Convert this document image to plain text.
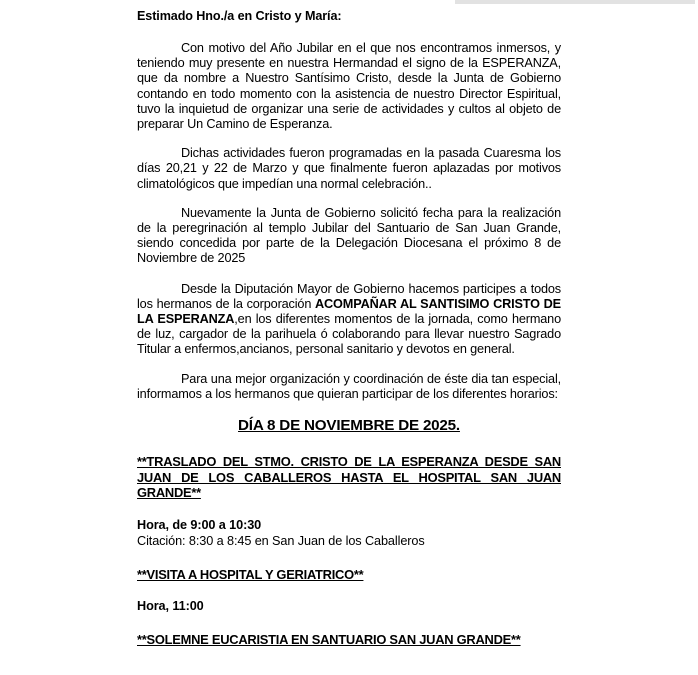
Estimado Hno./a en Cristo y María:

Con motivo del Año Jubilar en el que nos encontramos inmersos, y teniendo muy presente en nuestra Hermandad el signo de la ESPERANZA, que da nombre a Nuestro Santísimo Cristo, desde la Junta de Gobierno contando en todo momento con la asistencia de nuestro Director Espiritual, tuvo la inquietud de organizar una serie de actividades y cultos al objeto de preparar Un Camino de Esperanza.

Dichas actividades fueron programadas en la pasada Cuaresma los días 20,21 y 22 de Marzo y que finalmente fueron aplazadas por motivos climatológicos que impedían una normal celebración..

Nuevamente la Junta de Gobierno solicitó fecha para la realización de la peregrinación al templo Jubilar del Santuario de San Juan Grande, siendo concedida por parte de la Delegación Diocesana el próximo 8 de Noviembre de 2025

Desde la Diputación Mayor de Gobierno hacemos participes a todos los hermanos de la corporación ACOMPAÑAR AL SANTISIMO CRISTO DE LA ESPERANZA,en los diferentes momentos de la jornada, como hermano de luz, cargador de la parihuela ó colaborando para llevar nuestro Sagrado Titular a enfermos,ancianos, personal sanitario y devotos en general.

Para una mejor organización y coordinación de éste dia tan especial, informamos a los hermanos que quieran participar de los diferentes horarios:

DÍA 8 DE NOVIEMBRE DE 2025.
**TRASLADO DEL STMO. CRISTO DE LA ESPERANZA DESDE SAN JUAN DE LOS CABALLEROS HASTA EL HOSPITAL SAN JUAN GRANDE**
Hora, de 9:00 a 10:30
Citación: 8:30 a 8:45 en San Juan de los Caballeros
**VISITA A HOSPITAL Y GERIATRICO**
Hora, 11:00
**SOLEMNE EUCARISTIA EN SANTUARIO SAN JUAN GRANDE**
